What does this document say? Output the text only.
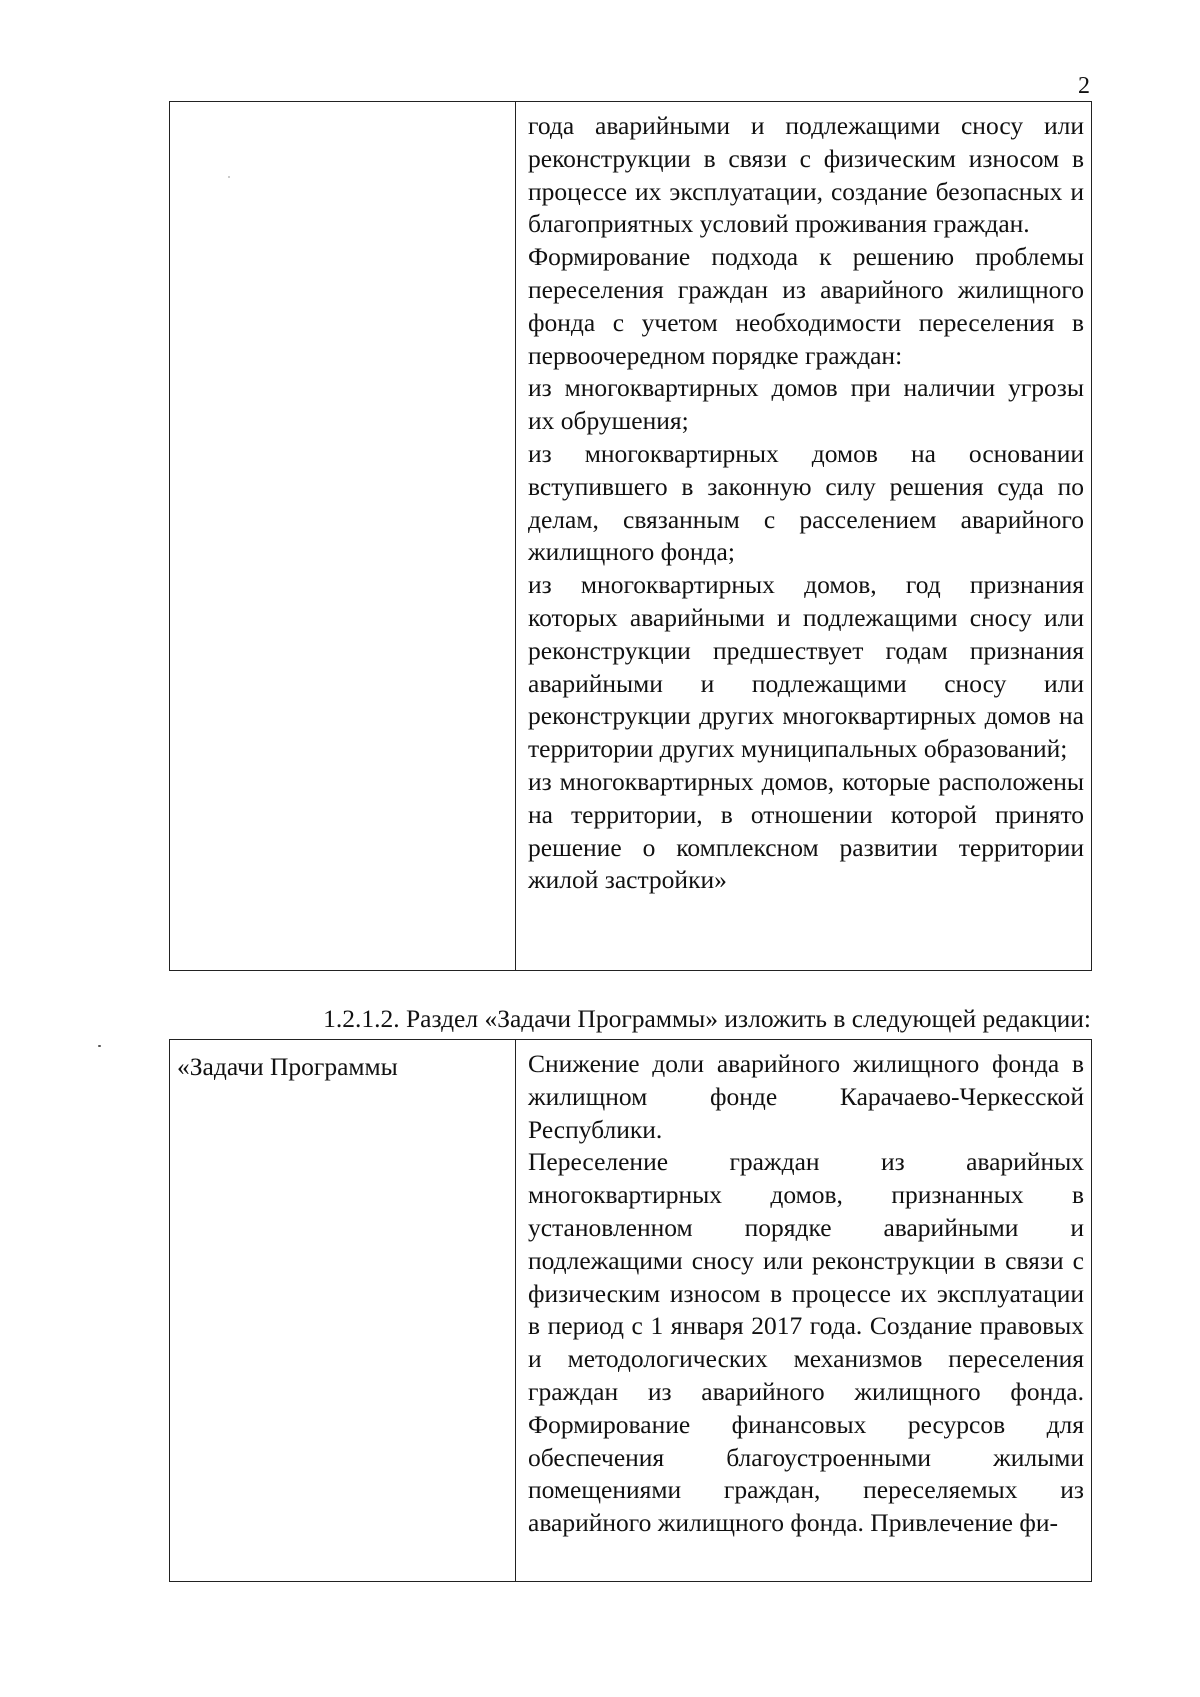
2

года аварийными и подлежащими сносу или реконструкции в связи с физическим износом в процессе их эксплуатации, создание безопасных и благоприятных условий проживания граждан.

Формирование подхода к решению проблемы переселения граждан из аварийного жилищного фонда с учетом необходимости переселения в первоочередном порядке граждан:

из многоквартирных домов при наличии угрозы их обрушения;

из многоквартирных домов на основании вступившего в законную силу решения суда по делам, связанным с расселением аварийного жилищного фонда;

из многоквартирных домов, год признания которых аварийными и подлежащими сносу или реконструкции предшествует годам признания аварийными и подлежащими сносу или реконструкции других многоквартирных домов на территории других муниципальных образований;

из многоквартирных домов, которые расположены на территории, в отношении которой принято решение о комплексном развитии территории жилой застройки»

1.2.1.2. Раздел «Задачи Программы» изложить в следующей редакции:
«Задачи Программы	Снижение доли аварийного жилищного фонда в жилищном фонде Карачаево-Черкесской Республики.

Переселение граждан из аварийных многоквартирных домов, признанных в установленном порядке аварийными и подлежащими сносу или реконструкции в связи с физическим износом в процессе их эксплуатации в период с 1 января 2017 года. Создание правовых и методологических механизмов переселения граждан из аварийного жилищного фонда. Формирование финансовых ресурсов для обеспечения благоустроенными жилыми помещениями граждан, переселяемых из аварийного жилищного фонда. Привлечение фи-
